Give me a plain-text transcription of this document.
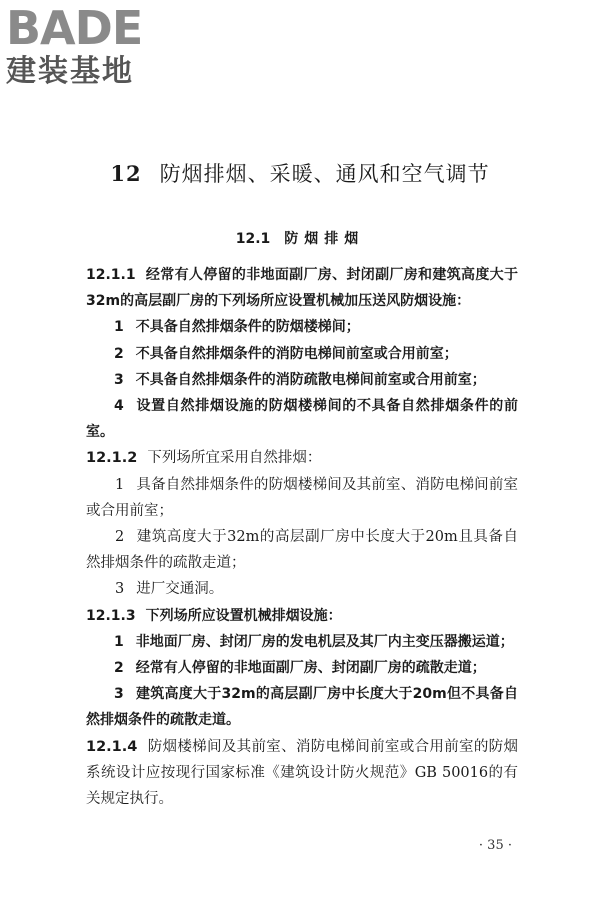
BADE
建装基地
12 防烟排烟、采暖、通风和空气调节
12.1 防烟排烟

12.1.1 经常有人停留的非地面副厂房、封闭副厂房和建筑高度大于32m的高层副厂房的下列场所应设置机械加压送风防烟设施：

1 不具备自然排烟条件的防烟楼梯间；

2 不具备自然排烟条件的消防电梯间前室或合用前室；

3 不具备自然排烟条件的消防疏散电梯间前室或合用前室；

4 设置自然排烟设施的防烟楼梯间的不具备自然排烟条件的前室。

12.1.2 下列场所宜采用自然排烟：

1 具备自然排烟条件的防烟楼梯间及其前室、消防电梯间前室或合用前室；

2 建筑高度大于32m的高层副厂房中长度大于20m且具备自然排烟条件的疏散走道；

3 进厂交通洞。

12.1.3 下列场所应设置机械排烟设施：

1 非地面厂房、封闭厂房的发电机层及其厂内主变压器搬运道；

2 经常有人停留的非地面副厂房、封闭副厂房的疏散走道；

3 建筑高度大于32m的高层副厂房中长度大于20m但不具备自然排烟条件的疏散走道。

12.1.4 防烟楼梯间及其前室、消防电梯间前室或合用前室的防烟系统设计应按现行国家标准《建筑设计防火规范》GB 50016的有关规定执行。

· 35 ·
